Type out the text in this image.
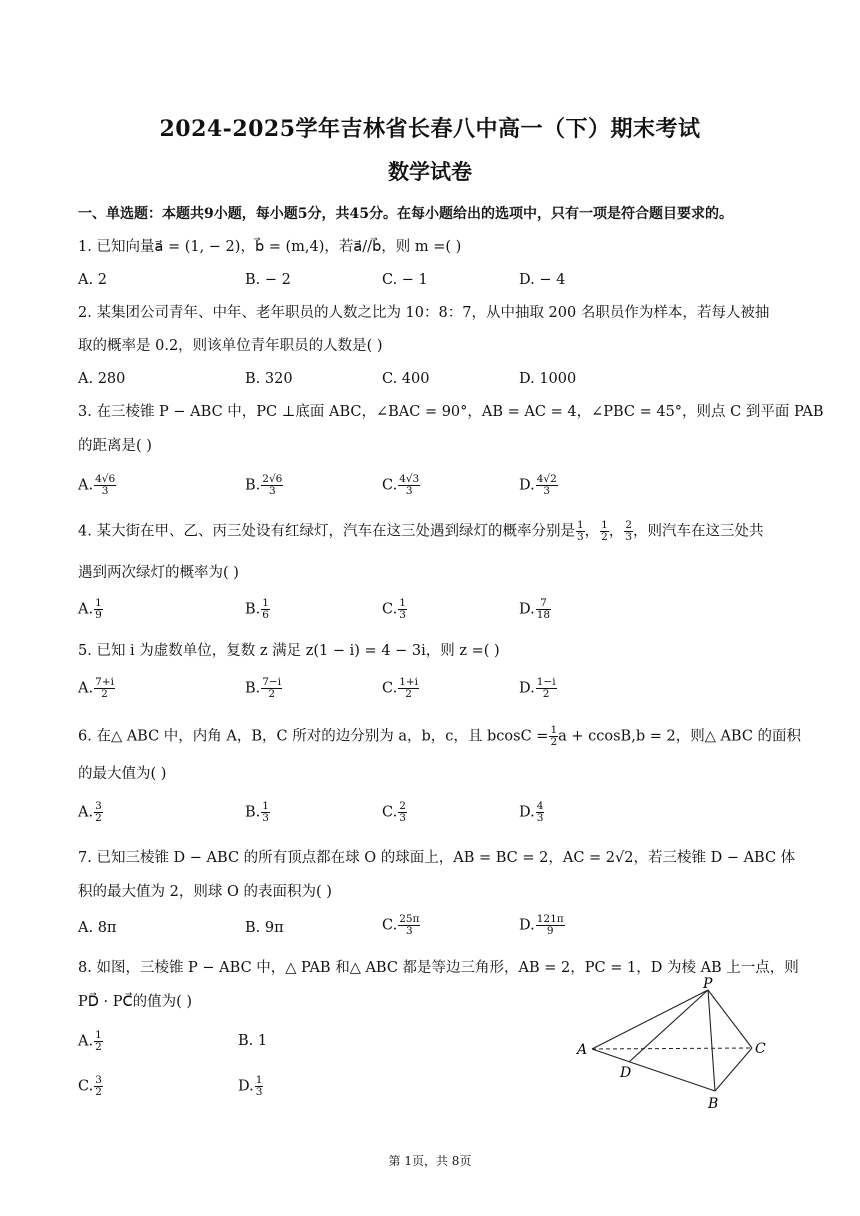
2024-2025学年吉林省长春八中高一（下）期末考试
数学试卷
一、单选题：本题共9小题，每小题5分，共45分。在每小题给出的选项中，只有一项是符合题目要求的。
1. 已知向量a⃗ = (1, − 2)，b⃗ = (m,4)，若a⃗//b⃗，则 m =( )
A. 2	B. − 2	C. − 1	D. − 4
2. 某集团公司青年、中年、老年职员的人数之比为 10：8：7，从中抽取 200 名职员作为样本，若每人被抽
取的概率是 0.2，则该单位青年职员的人数是( )
A. 280	B. 320	C. 400	D. 1000
3. 在三棱锥 P − ABC 中，PC ⊥底面 ABC，∠BAC = 90°，AB = AC = 4，∠PBC = 45°，则点 C 到平面 PAB
的距离是( )
A. $\frac{4√6}{3}$	B. $\frac{2√6}{3}$	C. $\frac{4√3}{3}$	D. $\frac{4√2}{3}$
4. 某大街在甲、乙、丙三处设有红绿灯，汽车在这三处遇到绿灯的概率分别是 $\frac{1}{3}$ ， $\frac{1}{2}$ ， $\frac{2}{3}$ ，则汽车在这三处共
遇到两次绿灯的概率为( )
A. $\frac{1}{9}$	B. $\frac{1}{6}$	C. $\frac{1}{3}$	D. $\frac{7}{18}$
5. 已知 i 为虚数单位，复数 z 满足 z(1 − i) = 4 − 3i，则 z =( )
A. $\frac{7+i}{2}$	B. $\frac{7-i}{2}$	C. $\frac{1+i}{2}$	D. $\frac{1-i}{2}$
6. 在△ ABC 中，内角 A，B，C 所对的边分别为 a，b，c，且 $bcosC = \frac{1}{2}$ a + ccosB,b = 2，则△ ABC 的面积
的最大值为( )
A. $\frac{3}{2}$	B. $\frac{1}{3}$	C. $\frac{2}{3}$	D. $\frac{4}{3}$
7. 已知三棱锥 D − ABC 的所有顶点都在球 O 的球面上，AB = BC = 2，AC = 2√2，若三棱锥 D − ABC 体
积的最大值为 2，则球 O 的表面积为( )
A. 8π	B. 9π	C. $\frac{25\pi}{3}$	D. $\frac{121\pi}{9}$
8. 如图，三棱锥 P − ABC 中，△ PAB 和△ ABC 都是等边三角形，AB = 2，PC = 1，D 为棱 AB 上一点，则
PD⃗ · PC⃗的值为( )
A. $\frac{1}{2}$	B. 1
C. $\frac{3}{2}$	D. $\frac{1}{3}$
P
A
B
C
D
第 1页，共 8页
